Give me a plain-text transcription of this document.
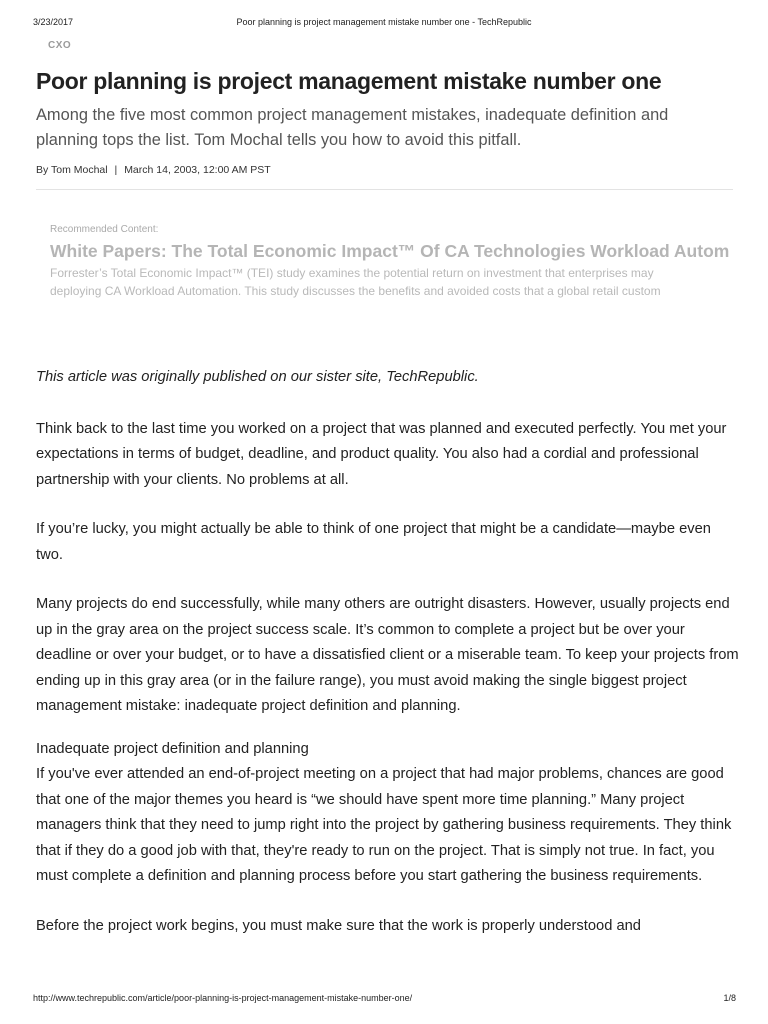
3/23/2017	Poor planning is project management mistake number one - TechRepublic
CXO
Poor planning is project management mistake number one

Among the five most common project management mistakes, inadequate definition and planning tops the list. Tom Mochal tells you how to avoid this pitfall.

By Tom Mochal | March 14, 2003, 12:00 AM PST

Recommended Content:

White Papers: The Total Economic Impact™ Of CA Technologies Workload Autom

Forrester’s Total Economic Impact™ (TEI) study examines the potential return on investment that enterprises may

deploying CA Workload Automation. This study discusses the benefits and avoided costs that a global retail custom

This article was originally published on our sister site, TechRepublic.

Think back to the last time you worked on a project that was planned and executed perfectly. You met your expectations in terms of budget, deadline, and product quality. You also had a cordial and professional partnership with your clients. No problems at all.

If you’re lucky, you might actually be able to think of one project that might be a candidate—maybe even two.

Many projects do end successfully, while many others are outright disasters. However, usually projects end up in the gray area on the project success scale. It’s common to complete a project but be over your deadline or over your budget, or to have a dissatisfied client or a miserable team. To keep your projects from ending up in this gray area (or in the failure range), you must avoid making the single biggest project management mistake: inadequate project definition and planning.

Inadequate project definition and planning

If you've ever attended an end-of-project meeting on a project that had major problems, chances are good that one of the major themes you heard is “we should have spent more time planning.” Many project managers think that they need to jump right into the project by gathering business requirements. They think that if they do a good job with that, they're ready to run on the project. That is simply not true. In fact, you must complete a definition and planning process before you start gathering the business requirements.

Before the project work begins, you must make sure that the work is properly understood and

http://www.techrepublic.com/article/poor-planning-is-project-management-mistake-number-one/	1/8
